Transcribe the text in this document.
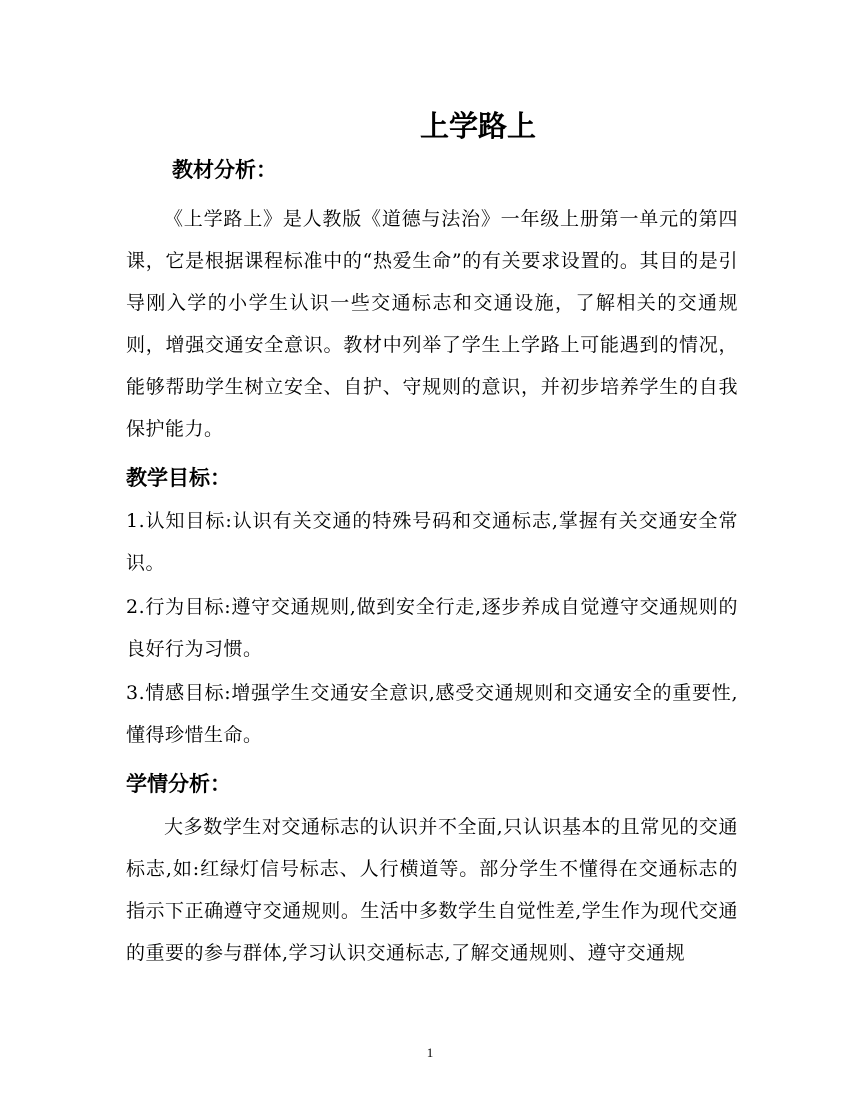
上学路上
教材分析：
《上学路上》是人教版《道德与法治》一年级上册第一单元的第四课，它是根据课程标准中的“热爱生命”的有关要求设置的。其目的是引导刚入学的小学生认识一些交通标志和交通设施，了解相关的交通规则，增强交通安全意识。教材中列举了学生上学路上可能遇到的情况，能够帮助学生树立安全、自护、守规则的意识，并初步培养学生的自我保护能力。
教学目标：
1.认知目标:认识有关交通的特殊号码和交通标志,掌握有关交通安全常识。
2.行为目标:遵守交通规则,做到安全行走,逐步养成自觉遵守交通规则的良好行为习惯。
3.情感目标:增强学生交通安全意识,感受交通规则和交通安全的重要性,懂得珍惜生命。
学情分析：
大多数学生对交通标志的认识并不全面,只认识基本的且常见的交通标志,如:红绿灯信号标志、人行横道等。部分学生不懂得在交通标志的指示下正确遵守交通规则。生活中多数学生自觉性差,学生作为现代交通的重要的参与群体,学习认识交通标志,了解交通规则、遵守交通规
1
